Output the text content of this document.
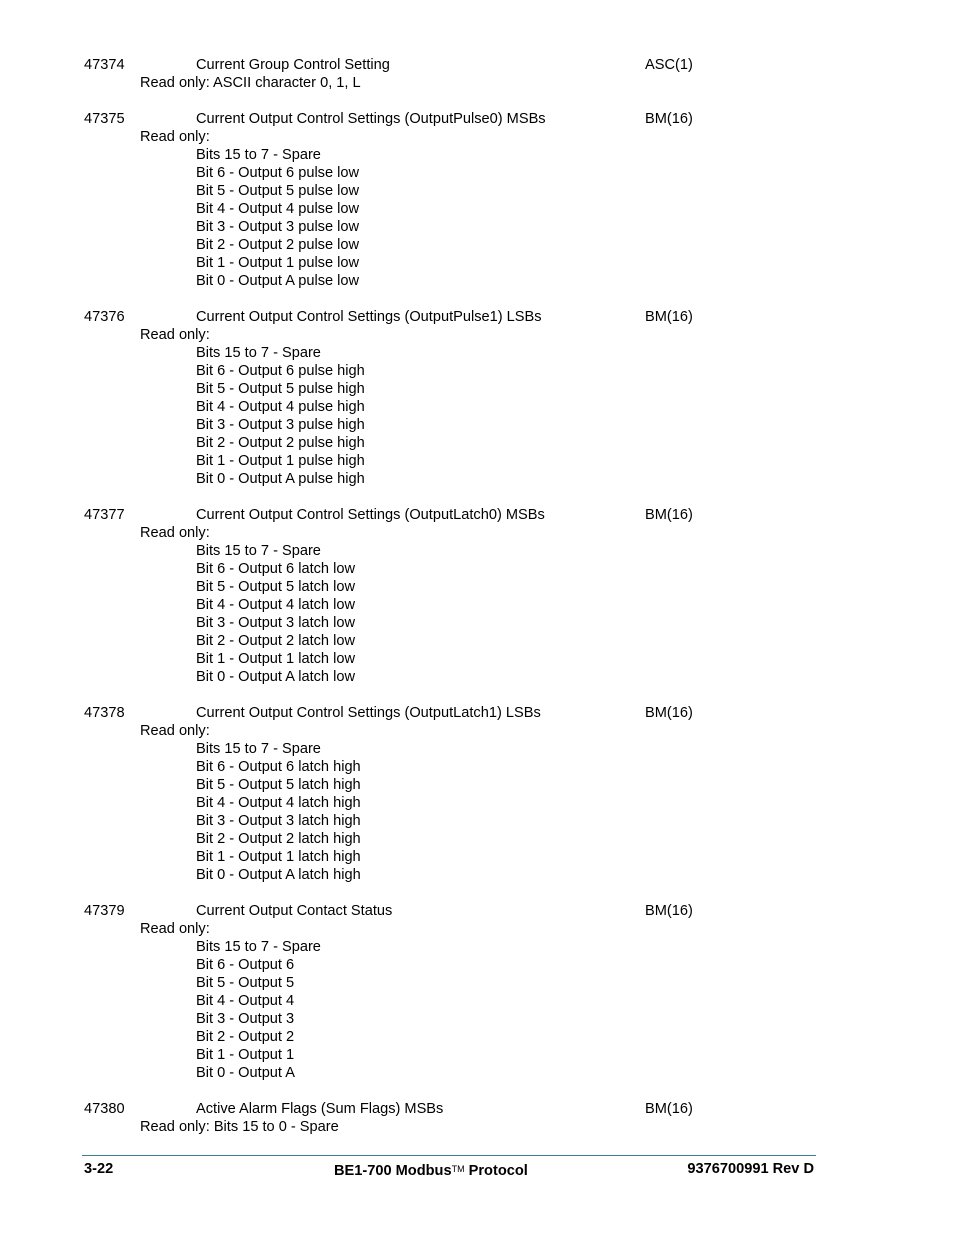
47374	Current Group Control Setting	ASC(1)
Read only: ASCII character 0, 1, L
47375	Current Output Control Settings (OutputPulse0) MSBs	BM(16)
Read only:
Bits 15 to 7 - Spare
Bit 6 - Output 6 pulse low
Bit 5 - Output 5 pulse low
Bit 4 - Output 4 pulse low
Bit 3 - Output 3 pulse low
Bit 2 - Output 2 pulse low
Bit 1 - Output 1 pulse low
Bit 0 - Output A pulse low
47376	Current Output Control Settings (OutputPulse1) LSBs	BM(16)
Read only:
Bits 15 to 7 - Spare
Bit 6 - Output 6 pulse high
Bit 5 - Output 5 pulse high
Bit 4 - Output 4 pulse high
Bit 3 - Output 3 pulse high
Bit 2 - Output 2 pulse high
Bit 1 - Output 1 pulse high
Bit 0 - Output A pulse high
47377	Current Output Control Settings (OutputLatch0) MSBs	BM(16)
Read only:
Bits 15 to 7 - Spare
Bit 6 - Output 6 latch low
Bit 5 - Output 5 latch low
Bit 4 - Output 4 latch low
Bit 3 - Output 3 latch low
Bit 2 - Output 2 latch low
Bit 1 - Output 1 latch low
Bit 0 - Output A latch low
47378	Current Output Control Settings (OutputLatch1) LSBs	BM(16)
Read only:
Bits 15 to 7 - Spare
Bit 6 - Output 6 latch high
Bit 5 - Output 5 latch high
Bit 4 - Output 4 latch high
Bit 3 - Output 3 latch high
Bit 2 - Output 2 latch high
Bit 1 - Output 1 latch high
Bit 0 - Output A latch high
47379	Current Output Contact Status	BM(16)
Read only:
Bits 15 to 7 - Spare
Bit 6 - Output 6
Bit 5 - Output 5
Bit 4 - Output 4
Bit 3 - Output 3
Bit 2 - Output 2
Bit 1 - Output 1
Bit 0 - Output A
47380	Active Alarm Flags (Sum Flags) MSBs	BM(16)
Read only: Bits 15 to 0 - Spare
3-22	BE1-700 Modbus™ Protocol	9376700991 Rev D
